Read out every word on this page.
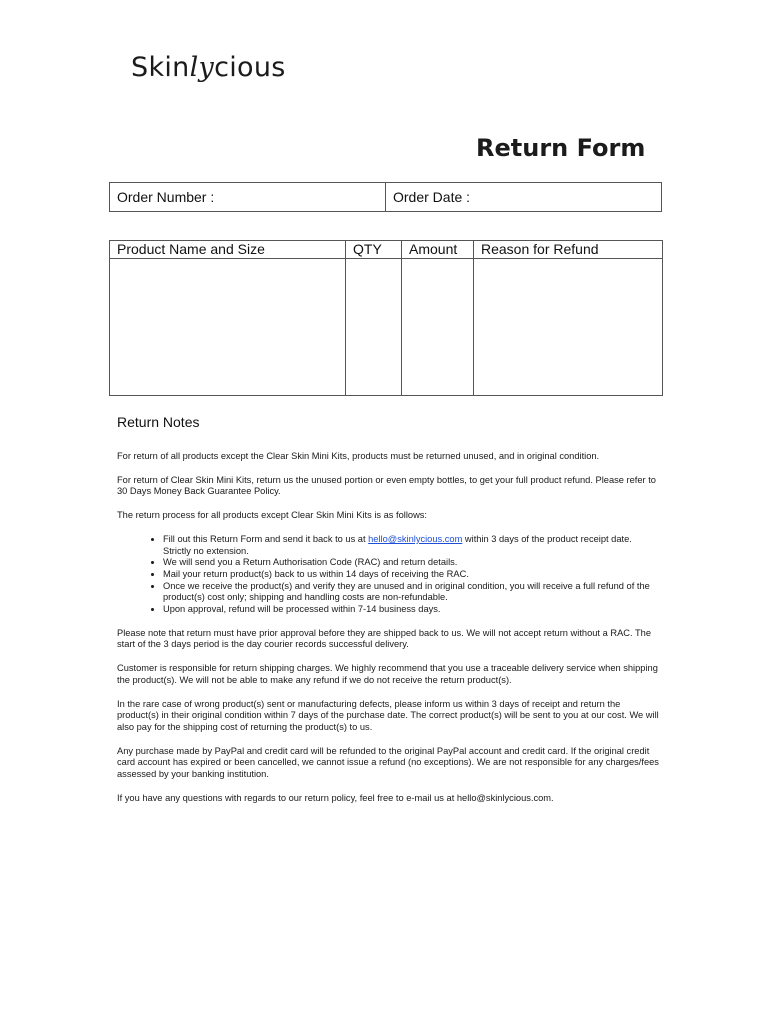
Skinlycious
Return Form
Order Number :	Order Date :
Product Name and Size	QTY	Amount	Reason for Refund

Return Notes

For return of all products except the Clear Skin Mini Kits, products must be returned unused, and in original condition.

For return of Clear Skin Mini Kits, return us the unused portion or even empty bottles, to get your full product refund. Please refer to 30 Days Money Back Guarantee Policy.

The return process for all products except Clear Skin Mini Kits is as follows:

• Fill out this Return Form and send it back to us at hello@skinlycious.com within 3 days of the product receipt date. Strictly no extension.
• We will send you a Return Authorisation Code (RAC) and return details.
• Mail your return product(s) back to us within 14 days of receiving the RAC.
• Once we receive the product(s) and verify they are unused and in original condition, you will receive a full refund of the product(s) cost only; shipping and handling costs are non-refundable.
• Upon approval, refund will be processed within 7-14 business days.

Please note that return must have prior approval before they are shipped back to us. We will not accept return without a RAC. The start of the 3 days period is the day courier records successful delivery.

Customer is responsible for return shipping charges. We highly recommend that you use a traceable delivery service when shipping the product(s). We will not be able to make any refund if we do not receive the return product(s).

In the rare case of wrong product(s) sent or manufacturing defects, please inform us within 3 days of receipt and return the product(s) in their original condition within 7 days of the purchase date. The correct product(s) will be sent to you at our cost. We will also pay for the shipping cost of returning the product(s) to us.

Any purchase made by PayPal and credit card will be refunded to the original PayPal account and credit card. If the original credit card account has expired or been cancelled, we cannot issue a refund (no exceptions). We are not responsible for any charges/fees assessed by your banking institution.

If you have any questions with regards to our return policy, feel free to e-mail us at hello@skinlycious.com.
